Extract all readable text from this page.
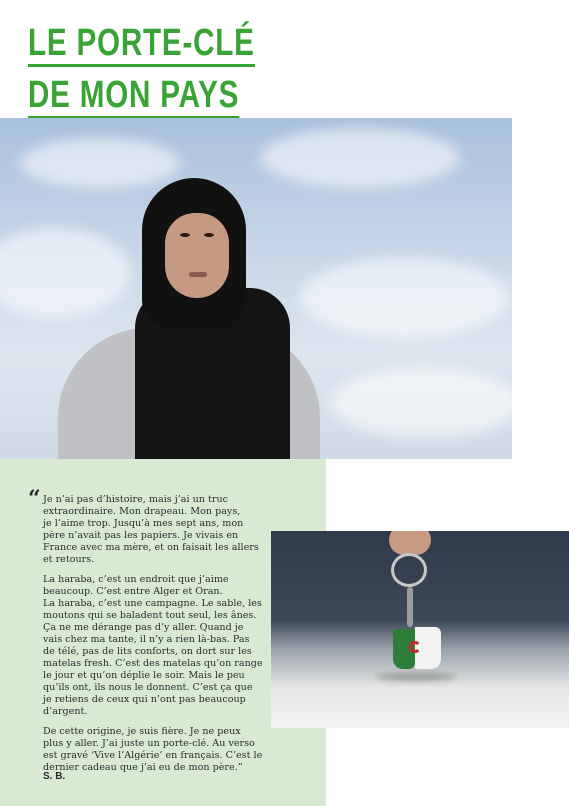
LE PORTE-CLÉ
DE MON PAYS
“ Je n’ai pas d’histoire, mais j’ai un truc
extraordinaire. Mon drapeau. Mon pays,
je l’aime trop. Jusqu’à mes sept ans, mon
père n’avait pas les papiers. Je vivais en
France avec ma mère, et on faisait les allers
et retours.

La haraba, c’est un endroit que j’aime
beaucoup. C’est entre Alger et Oran.
La haraba, c’est une campagne. Le sable, les
moutons qui se baladent tout seul, les ânes.
Ça ne me dérange pas d’y aller. Quand je
vais chez ma tante, il n’y a rien là-bas. Pas
de télé, pas de lits conforts, on dort sur les
matelas fresh. C’est des matelas qu’on range
le jour et qu’on déplie le soir. Mais le peu
qu’ils ont, ils nous le donnent. C’est ça que
je retiens de ceux qui n’ont pas beaucoup
d’argent.

De cette origine, je suis fière. Je ne peux
plus y aller. J’ai juste un porte-clé. Au verso
est gravé ‘Vive l’Algérie’ en français. C’est le
dernier cadeau que j’ai eu de mon père.”

S. B.
